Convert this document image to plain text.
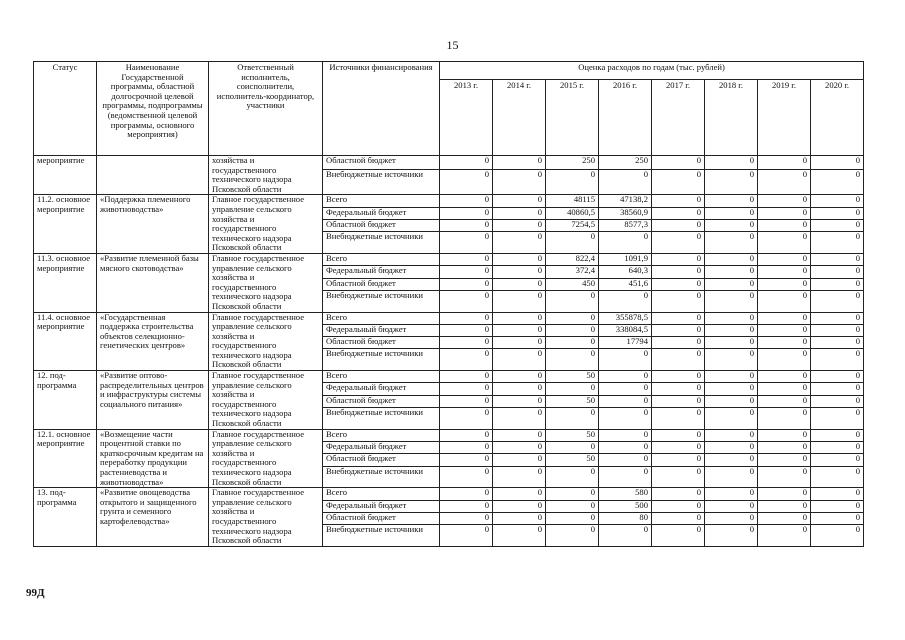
15
Статус	Наименование Государственной программы, областной долгосрочной целевой программы, подпрограммы (ведомственной целевой программы, основного мероприятия)	Ответственный исполнитель, соисполнители, исполнитель-координатор, участники	Источники финансирования	Оценка расходов по годам (тыс. рублей)							
				2013 г.	2014 г.	2015 г.	2016 г.	2017 г.	2018 г.	2019 г.	2020 г.
мероприятие		хозяйства и государственного технического надзора Псковской области	Областной бюджет	0	0	250	250	0	0	0	0
			Внебюджетные источники	0	0	0	0	0	0	0	0
11.2. основное мероприятие	«Поддержка племенного животноводства»	Главное государственное управление сельского хозяйства и государственного технического надзора Псковской области	Всего	0	0	48115	47138,2	0	0	0	0
			Федеральный бюджет	0	0	40860,5	38560,9	0	0	0	0
			Областной бюджет	0	0	7254,5	8577,3	0	0	0	0
			Внебюджетные источники	0	0	0	0	0	0	0	0
11.3. основное мероприятие	«Развитие племенной базы мясного скотоводства»	Главное государственное управление сельского хозяйства и государственного технического надзора Псковской области	Всего	0	0	822,4	1091,9	0	0	0	0
			Федеральный бюджет	0	0	372,4	640,3	0	0	0	0
			Областной бюджет	0	0	450	451,6	0	0	0	0
			Внебюджетные источники	0	0	0	0	0	0	0	0
11.4. основное мероприятие	«Государственная поддержка строительства объектов селекционно-генетических центров»	Главное государственное управление сельского хозяйства и государственного технического надзора Псковской области	Всего	0	0	0	355878,5	0	0	0	0
			Федеральный бюджет	0	0	0	338084,5	0	0	0	0
			Областной бюджет	0	0	0	17794	0	0	0	0
			Внебюджетные источники	0	0	0	0	0	0	0	0
12. под-программа	«Развитие оптово-распределительных центров и инфраструктуры системы социального питания»	Главное государственное управление сельского хозяйства и государственного технического надзора Псковской области	Всего	0	0	50	0	0	0	0	0
			Федеральный бюджет	0	0	0	0	0	0	0	0
			Областной бюджет	0	0	50	0	0	0	0	0
			Внебюджетные источники	0	0	0	0	0	0	0	0
12.1. основное мероприятие	«Возмещение части процентной ставки по краткосрочным кредитам на переработку продукции растениеводства и животноводства»	Главное государственное управление сельского хозяйства и государственного технического надзора Псковской области	Всего	0	0	50	0	0	0	0	0
			Федеральный бюджет	0	0	0	0	0	0	0	0
			Областной бюджет	0	0	50	0	0	0	0	0
			Внебюджетные источники	0	0	0	0	0	0	0	0
13. под-программа	«Развитие овощеводства открытого и защищенного грунта и семенного картофелеводства»	Главное государственное управление сельского хозяйства и государственного технического надзора Псковской области	Всего	0	0	0	580	0	0	0	0
			Федеральный бюджет	0	0	0	500	0	0	0	0
			Областной бюджет	0	0	0	80	0	0	0	0
			Внебюджетные источники	0	0	0	0	0	0	0	0
99Д
